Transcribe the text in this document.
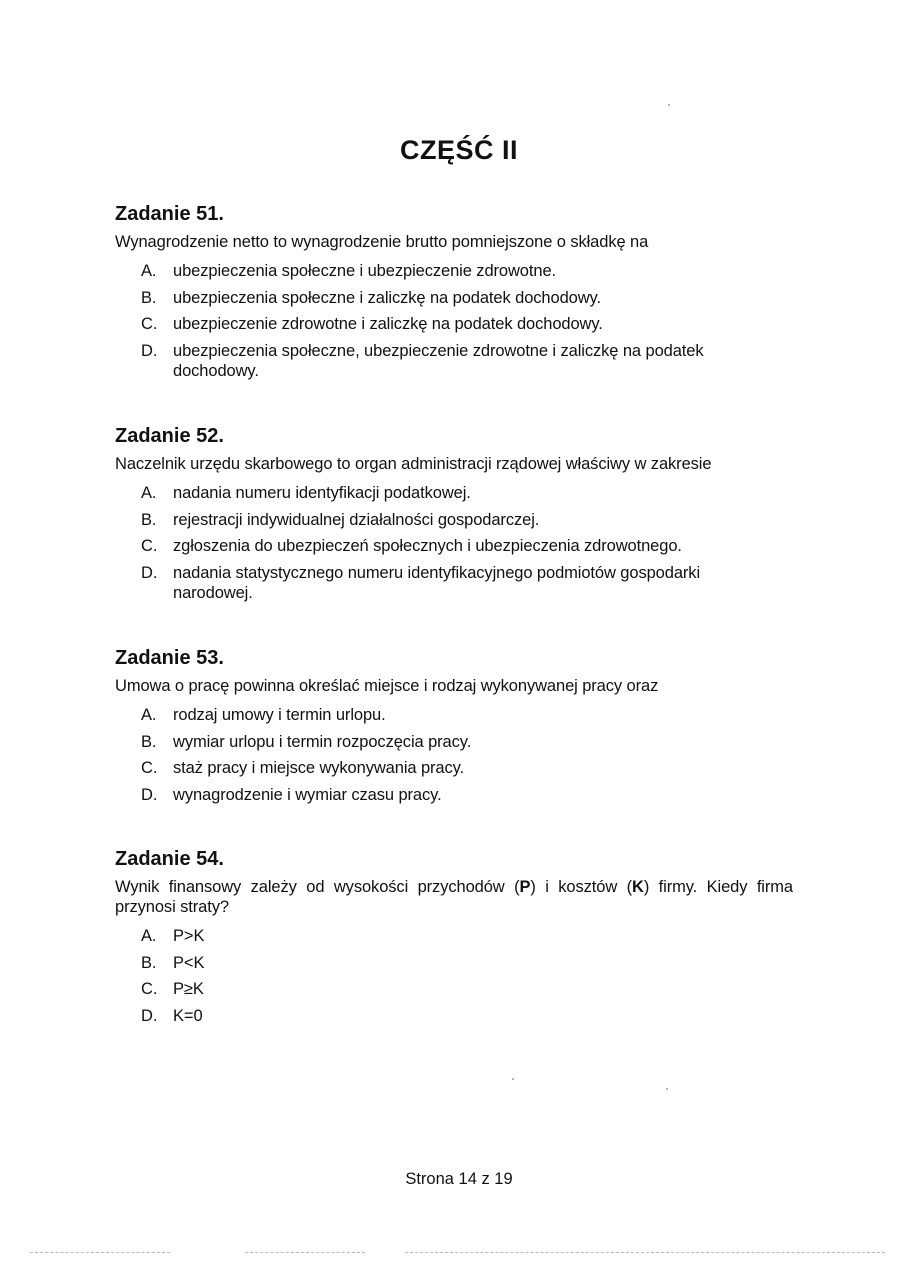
CZĘŚĆ II
Zadanie 51.
Wynagrodzenie netto to wynagrodzenie brutto pomniejszone o składkę na
A.	ubezpieczenia społeczne i ubezpieczenie zdrowotne.
B.	ubezpieczenia społeczne i zaliczkę na podatek dochodowy.
C. ubezpieczenie zdrowotne i zaliczkę na podatek dochodowy.
D. ubezpieczenia społeczne, ubezpieczenie zdrowotne i zaliczkę na podatek dochodowy.
Zadanie 52.
Naczelnik urzędu skarbowego to organ administracji rządowej właściwy w zakresie
A.	nadania numeru identyfikacji podatkowej.
B.	rejestracji indywidualnej działalności gospodarczej.
C. zgłoszenia do ubezpieczeń społecznych i ubezpieczenia zdrowotnego.
D. nadania statystycznego numeru identyfikacyjnego podmiotów gospodarki narodowej.
Zadanie 53.
Umowa o pracę powinna określać miejsce i rodzaj wykonywanej pracy oraz
A.	rodzaj umowy i termin urlopu.
B.	wymiar urlopu i termin rozpoczęcia pracy.
C. staż pracy i miejsce wykonywania pracy.
D. wynagrodzenie i wymiar czasu pracy.
Zadanie 54.
Wynik finansowy zależy od wysokości przychodów (P) i kosztów (K) firmy. Kiedy firma przynosi straty?
A.	P>K
B.	P<K
C. P≥K
D. K=0
Strona 14 z 19
